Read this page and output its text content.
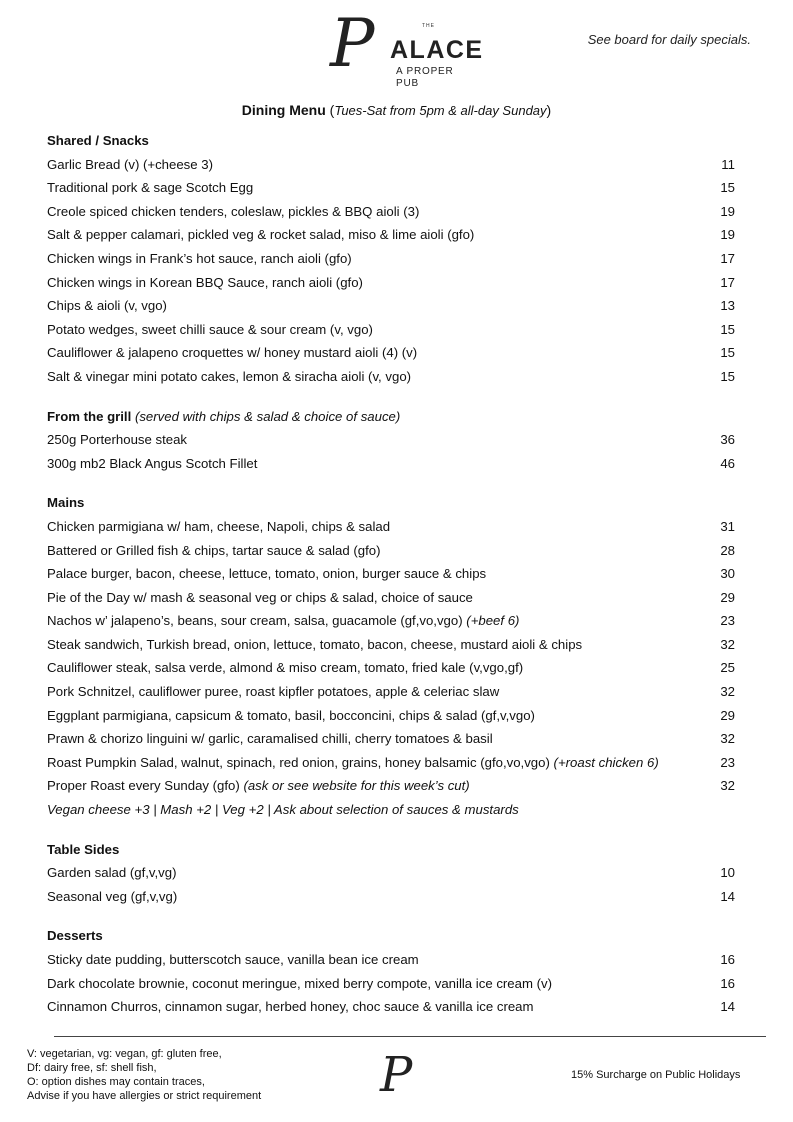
P	THE
ALACE
A PROPER PUB
See board for daily specials.
Dining Menu (Tues-Sat from 5pm & all-day Sunday)
Shared / Snacks
Garlic Bread (v) (+cheese 3)	11
Traditional pork & sage Scotch Egg	15
Creole spiced chicken tenders, coleslaw, pickles & BBQ aioli (3)	19
Salt & pepper calamari, pickled veg & rocket salad, miso & lime aioli (gfo)	19
Chicken wings in Frank’s hot sauce, ranch aioli (gfo)	17
Chicken wings in Korean BBQ Sauce, ranch aioli (gfo)	17
Chips & aioli (v, vgo)	13
Potato wedges, sweet chilli sauce & sour cream (v, vgo)	15
Cauliflower & jalapeno croquettes w/ honey mustard aioli (4) (v)	15
Salt & vinegar mini potato cakes, lemon & siracha aioli (v, vgo)	15
From the grill (served with chips & salad & choice of sauce)
250g Porterhouse steak	36
300g mb2 Black Angus Scotch Fillet	46
Mains
Chicken parmigiana w/ ham, cheese, Napoli, chips & salad	31
Battered or Grilled fish & chips, tartar sauce & salad (gfo)	28
Palace burger, bacon, cheese, lettuce, tomato, onion, burger sauce & chips	30
Pie of the Day w/ mash & seasonal veg or chips & salad, choice of sauce	29
Nachos w’ jalapeno’s, beans, sour cream, salsa, guacamole (gf,vo,vgo) (+beef 6)	23
Steak sandwich, Turkish bread, onion, lettuce, tomato, bacon, cheese, mustard aioli & chips	32
Cauliflower steak, salsa verde, almond & miso cream, tomato, fried kale (v,vgo,gf)	25
Pork Schnitzel, cauliflower puree, roast kipfler potatoes, apple & celeriac slaw	32
Eggplant parmigiana, capsicum & tomato, basil, bocconcini, chips & salad (gf,v,vgo)	29
Prawn & chorizo linguini w/ garlic, caramalised chilli, cherry tomatoes & basil	32
Roast Pumpkin Salad, walnut, spinach, red onion, grains, honey balsamic (gfo,vo,vgo) (+roast chicken 6)	23
Proper Roast every Sunday (gfo) (ask or see website for this week’s cut)	32
Vegan cheese +3 | Mash +2 | Veg +2 | Ask about selection of sauces & mustards
Table Sides
Garden salad (gf,v,vg)	10
Seasonal veg (gf,v,vg)	14
Desserts
Sticky date pudding, butterscotch sauce, vanilla bean ice cream	16
Dark chocolate brownie, coconut meringue, mixed berry compote, vanilla ice cream (v)	16
Cinnamon Churros, cinnamon sugar, herbed honey, choc sauce & vanilla ice cream	14
V: vegetarian, vg: vegan, gf: gluten free,
Df: dairy free, sf: shell fish,
O: option dishes may contain traces,
Advise if you have allergies or strict requirement P	15% Surcharge on Public Holidays
